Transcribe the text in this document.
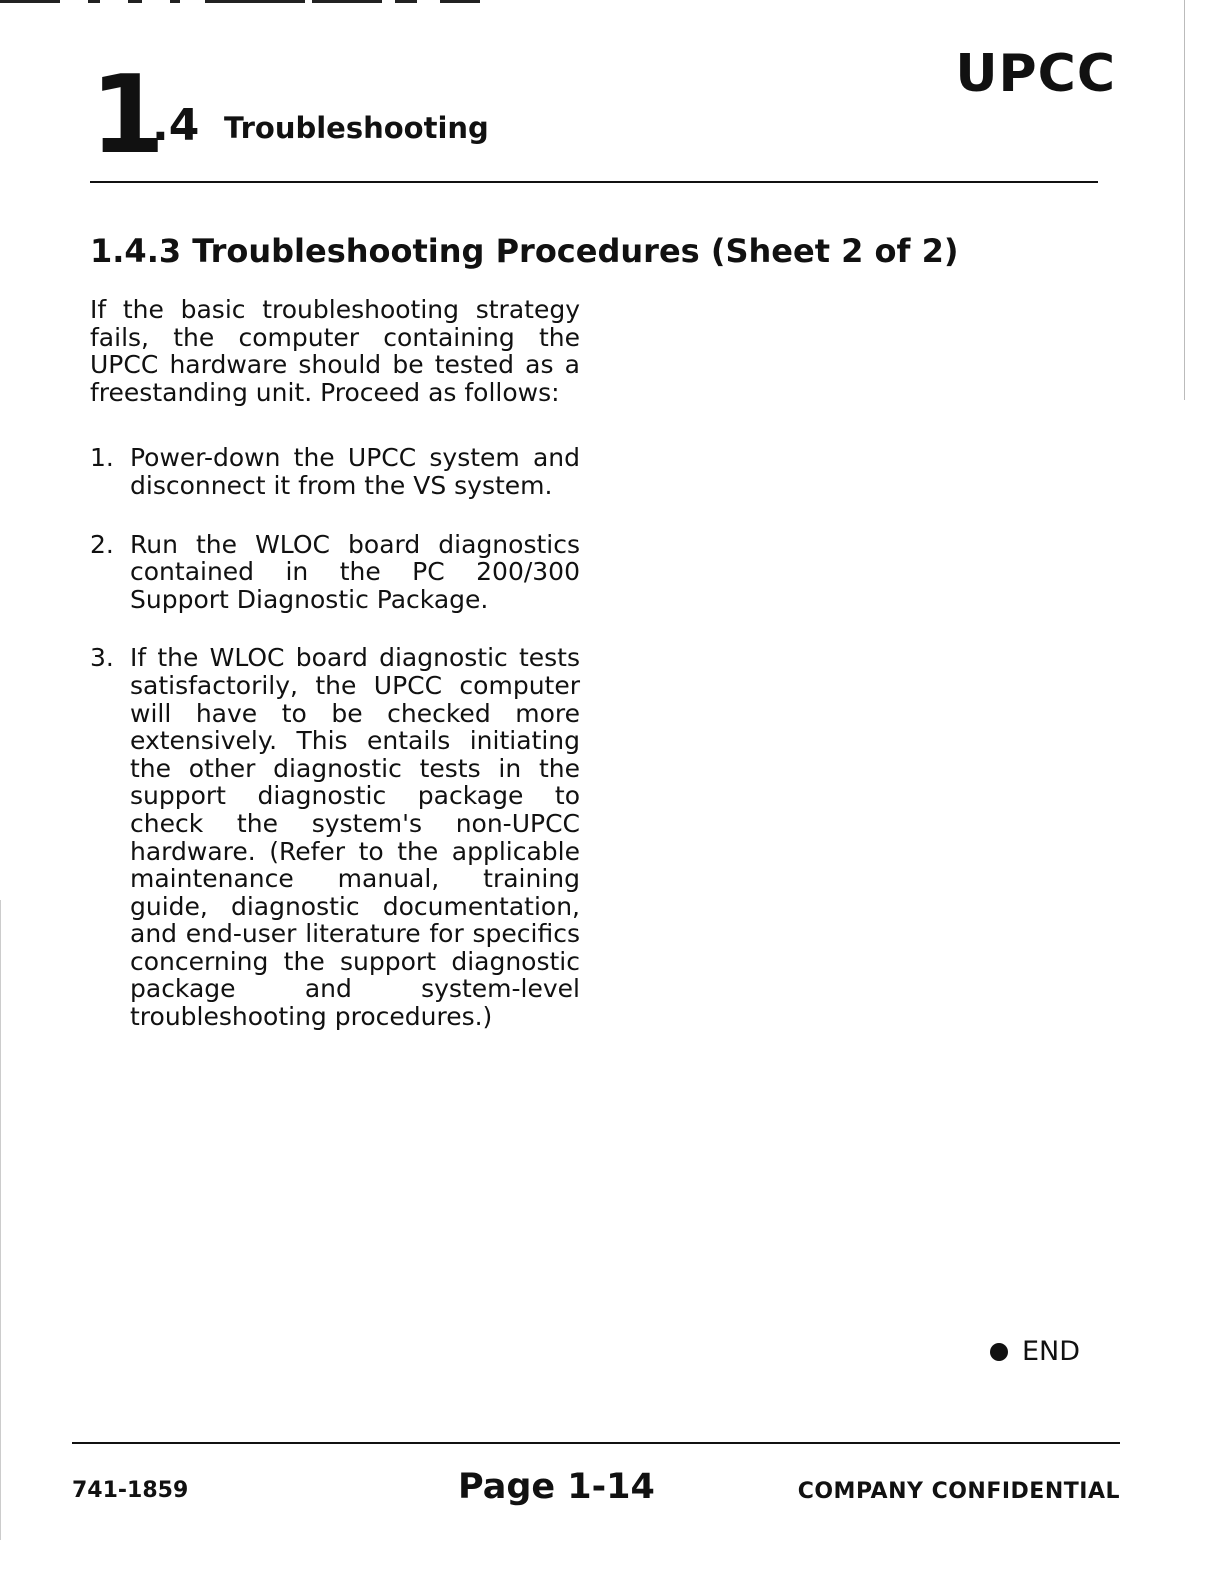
1
.4 Troubleshooting
UPCC
1.4.3 Troubleshooting Procedures (Sheet 2 of 2)

If the basic troubleshooting strategy fails, the computer containing the UPCC hardware should be tested as a freestanding unit. Proceed as follows:

1. Power-down the UPCC system and disconnect it from the VS system.
2. Run the WLOC board diagnostics contained in the PC 200/300 Support Diagnostic Package.
3. If the WLOC board diagnostic tests satisfactorily, the UPCC computer will have to be checked more extensively. This entails initiating the other diagnostic tests in the support diagnostic package to check the system's non-UPCC hardware. (Refer to the applicable maintenance manual, training guide, diagnostic documentation, and end-user literature for specifics concerning the support diagnostic package and system-level troubleshooting procedures.)
END
741-1859	Page 1-14	COMPANY CONFIDENTIAL
